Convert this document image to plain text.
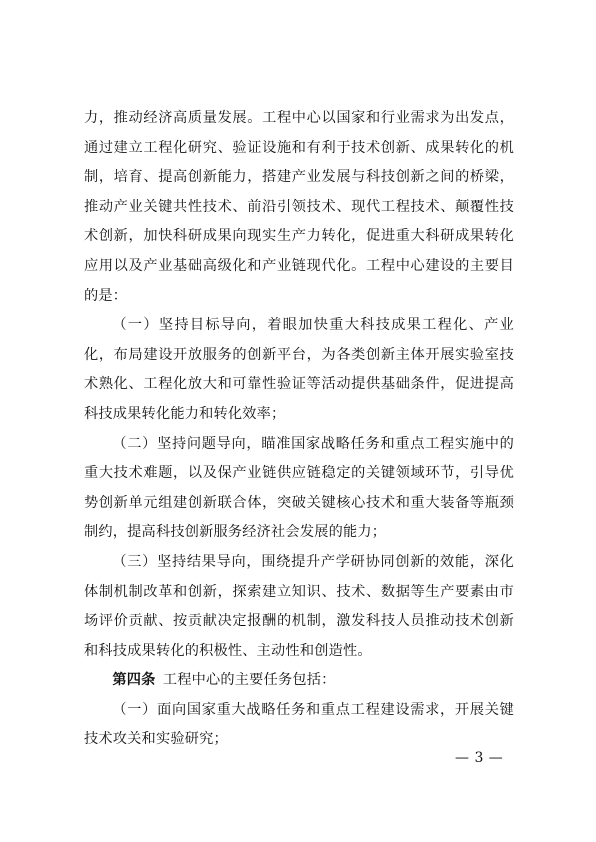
力，推动经济高质量发展。工程中心以国家和行业需求为出发点，通过建立工程化研究、验证设施和有利于技术创新、成果转化的机制，培育、提高创新能力，搭建产业发展与科技创新之间的桥梁，推动产业关键共性技术、前沿引领技术、现代工程技术、颠覆性技术创新，加快科研成果向现实生产力转化，促进重大科研成果转化应用以及产业基础高级化和产业链现代化。工程中心建设的主要目的是：

（一）坚持目标导向，着眼加快重大科技成果工程化、产业化，布局建设开放服务的创新平台，为各类创新主体开展实验室技术熟化、工程化放大和可靠性验证等活动提供基础条件，促进提高科技成果转化能力和转化效率；

（二）坚持问题导向，瞄准国家战略任务和重点工程实施中的重大技术难题，以及保产业链供应链稳定的关键领域环节，引导优势创新单元组建创新联合体，突破关键核心技术和重大装备等瓶颈制约，提高科技创新服务经济社会发展的能力；

（三）坚持结果导向，围绕提升产学研协同创新的效能，深化体制机制改革和创新，探索建立知识、技术、数据等生产要素由市场评价贡献、按贡献决定报酬的机制，激发科技人员推动技术创新和科技成果转化的积极性、主动性和创造性。

第四条  工程中心的主要任务包括：

（一）面向国家重大战略任务和重点工程建设需求，开展关键技术攻关和实验研究；

— 3 —
